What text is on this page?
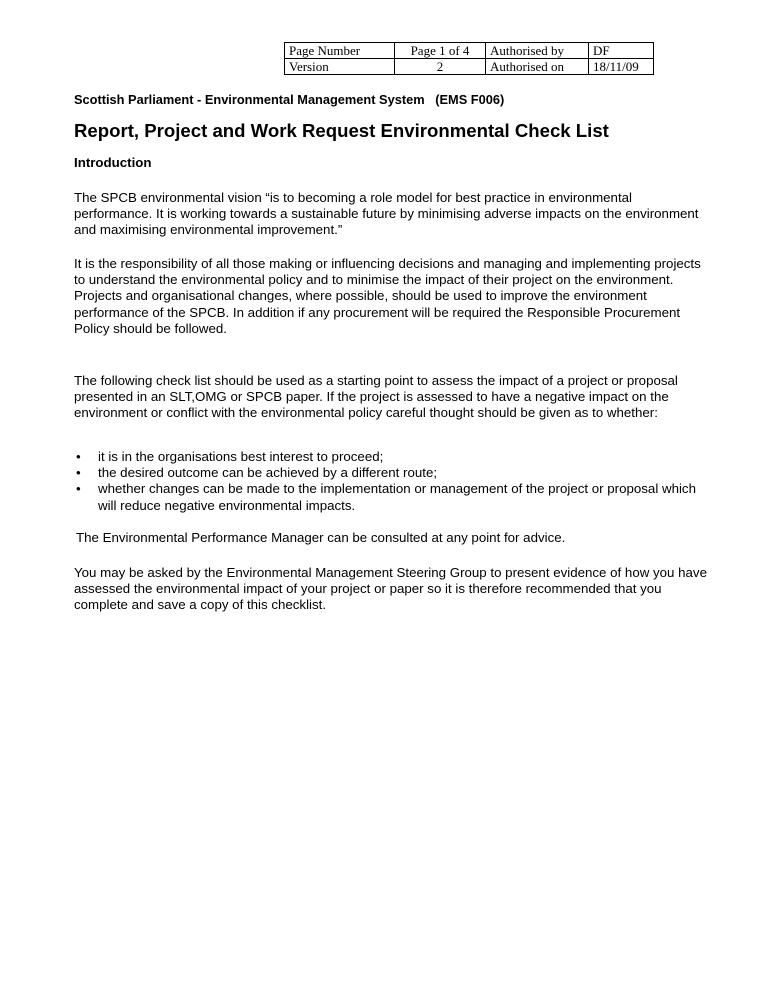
Page Number	Page 1 of 4	Authorised by	DF
Version	2	Authorised on	18/11/09
Scottish Parliament - Environmental Management System   (EMS F006)
Report, Project and Work Request Environmental Check List
Introduction

The SPCB environmental vision “is to becoming a role model for best practice in environmental performance. It is working towards a sustainable future by minimising adverse impacts on the environment and maximising environmental improvement.”

It is the responsibility of all those making or influencing decisions and managing and implementing projects to understand the environmental policy and to minimise the impact of their project on the environment. Projects and organisational changes, where possible, should be used to improve the environment performance of the SPCB. In addition if any procurement will be required the Responsible Procurement Policy should be followed.

The following check list should be used as a starting point to assess the impact of a project or proposal presented in an SLT,OMG or SPCB paper. If the project is assessed to have a negative impact on the environment or conflict with the environmental policy careful thought should be given as to whether:

• it is in the organisations best interest to proceed;
• the desired outcome can be achieved by a different route;
• whether changes can be made to the implementation or management of the project or proposal which will reduce negative environmental impacts.

The Environmental Performance Manager can be consulted at any point for advice.

You may be asked by the Environmental Management Steering Group to present evidence of how you have assessed the environmental impact of your project or paper so it is therefore recommended that you complete and save a copy of this checklist.
